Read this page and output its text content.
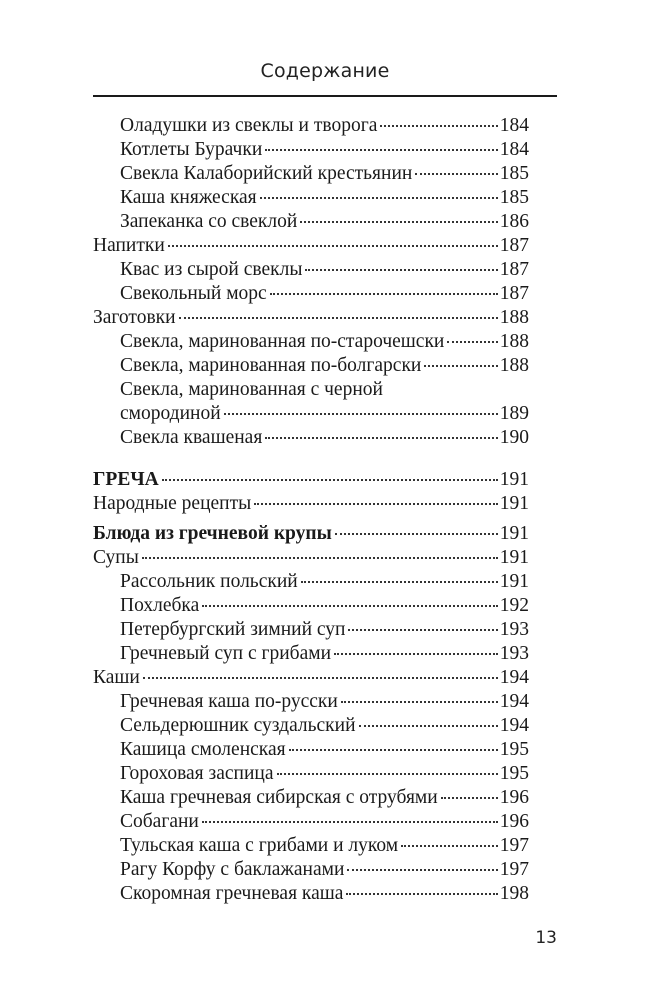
Содержание
Оладушки из свеклы и творога	184
Котлеты Бурачки	184
Свекла Калаборийский крестьянин	185
Каша княжеская	185
Запеканка со свеклой	186
Напитки	187
Квас из сырой свеклы	187
Свекольный морс	187
Заготовки	188
Свекла, маринованная по-старочешски	188
Свекла, маринованная по-болгарски	188
Свекла, маринованная с черной
смородиной	189
Свекла квашеная	190
ГРЕЧА	191
Народные рецепты	191
Блюда из гречневой крупы	191
Супы	191
Рассольник польский	191
Похлебка	192
Петербургский зимний суп	193
Гречневый суп с грибами	193
Каши	194
Гречневая каша по-русски	194
Сельдерюшник суздальский	194
Кашица смоленская	195
Гороховая заспица	195
Каша гречневая сибирская с отрубями	196
Собагани	196
Тульская каша с грибами и луком	197
Рагу Корфу с баклажанами	197
Скоромная гречневая каша	198
13
